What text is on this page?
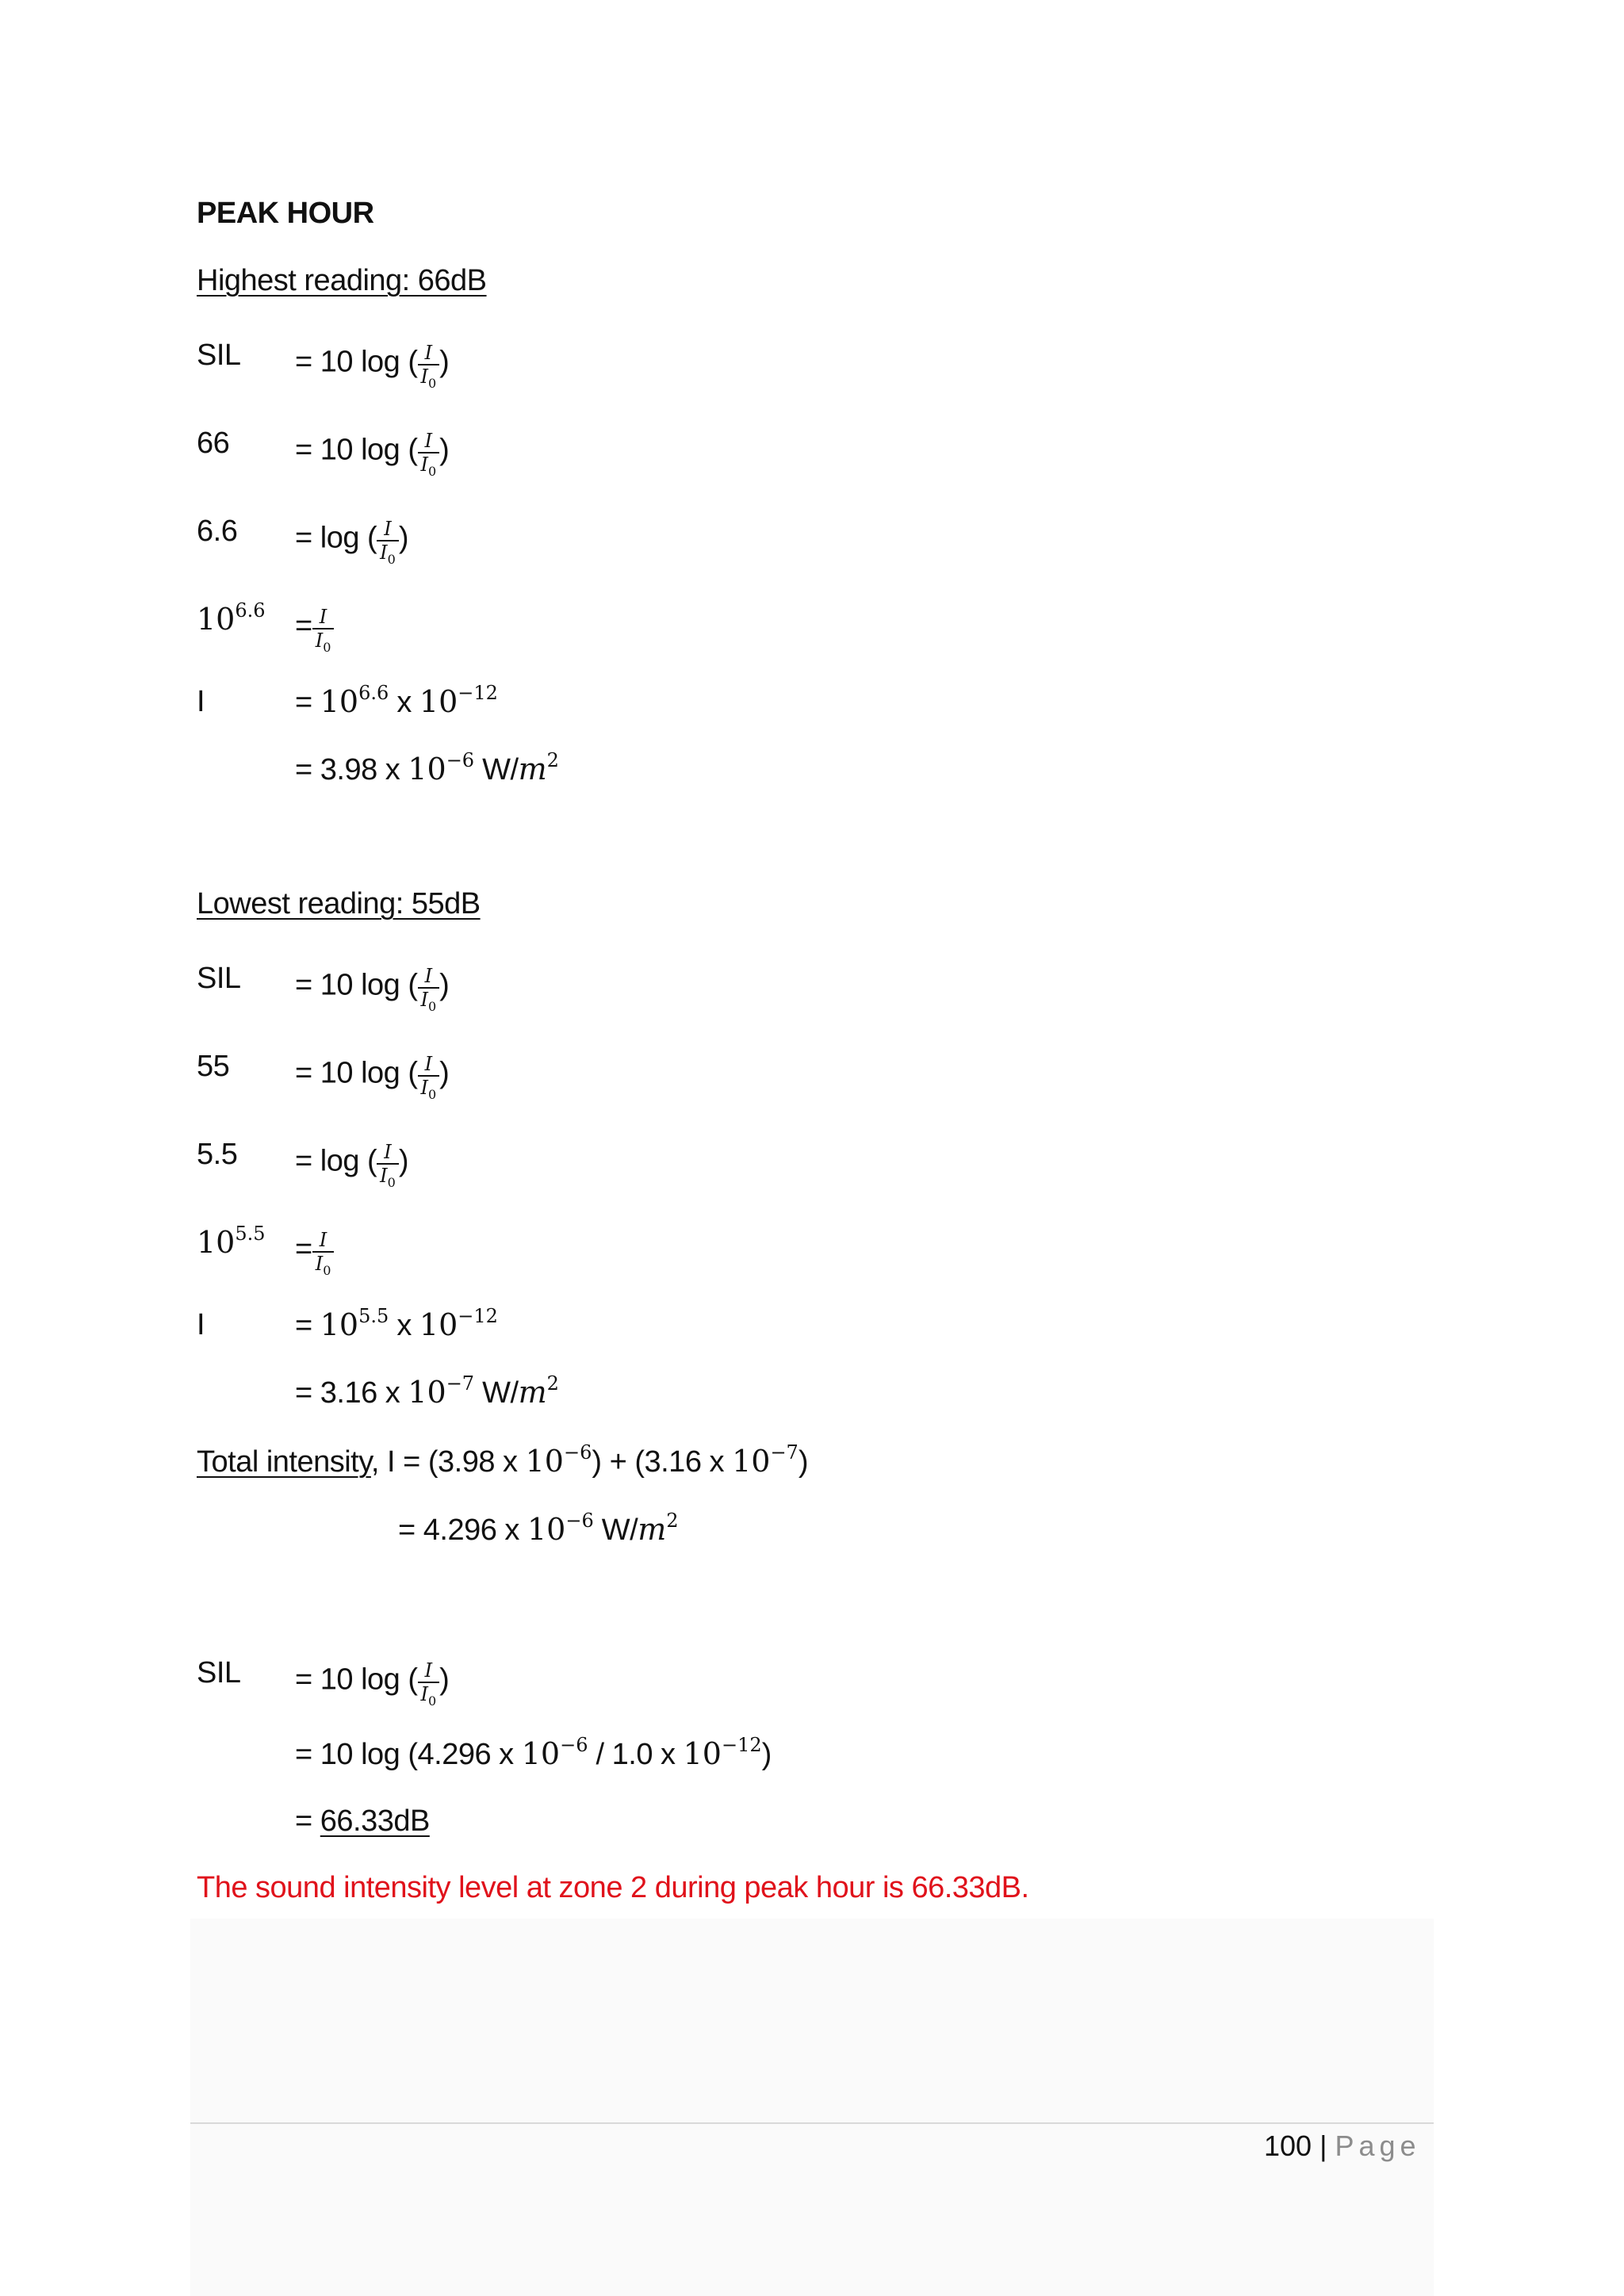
PEAK HOUR
Highest reading: 66dB
SIL = 10 log ( $\frac{I}{I_0}$ )
66 = 10 log ( $\frac{I}{I_0}$ )
6.6 = log ( $\frac{I}{I_0}$ )
$10^{6.6} = \frac{I}{I_0}$
I	= $10^{6.6}$ x $10^{-12}$
= 3.98 x $10^{-6}$ $W/m^2$
Lowest reading: 55dB
SIL = 10 log ( $\frac{I}{I_0}$ )
55 = 10 log ( $\frac{I}{I_0}$ )
5.5 = log ( $\frac{I}{I_0}$ )
$10^{5.5} = \frac{I}{I_0}$
I	= $10^{5.5}$ x $10^{-12}$
= 3.16 x $10^{-7}$ $W/m^2$
Total intensity, I = (3.98 x $10^{-6}) + (3.16$ x $10^{-7}$)
= 4.296 x $10^{-6}$ $W/m^2$
SIL = 10 log ( $\frac{I}{I_0}$ )
= 10 log (4.296 x $10^{-6} / 1.0$ x $10^{-12}$)
= 66.33dB
The sound intensity level at zone 2 during peak hour is 66.33dB.
100 | Page
